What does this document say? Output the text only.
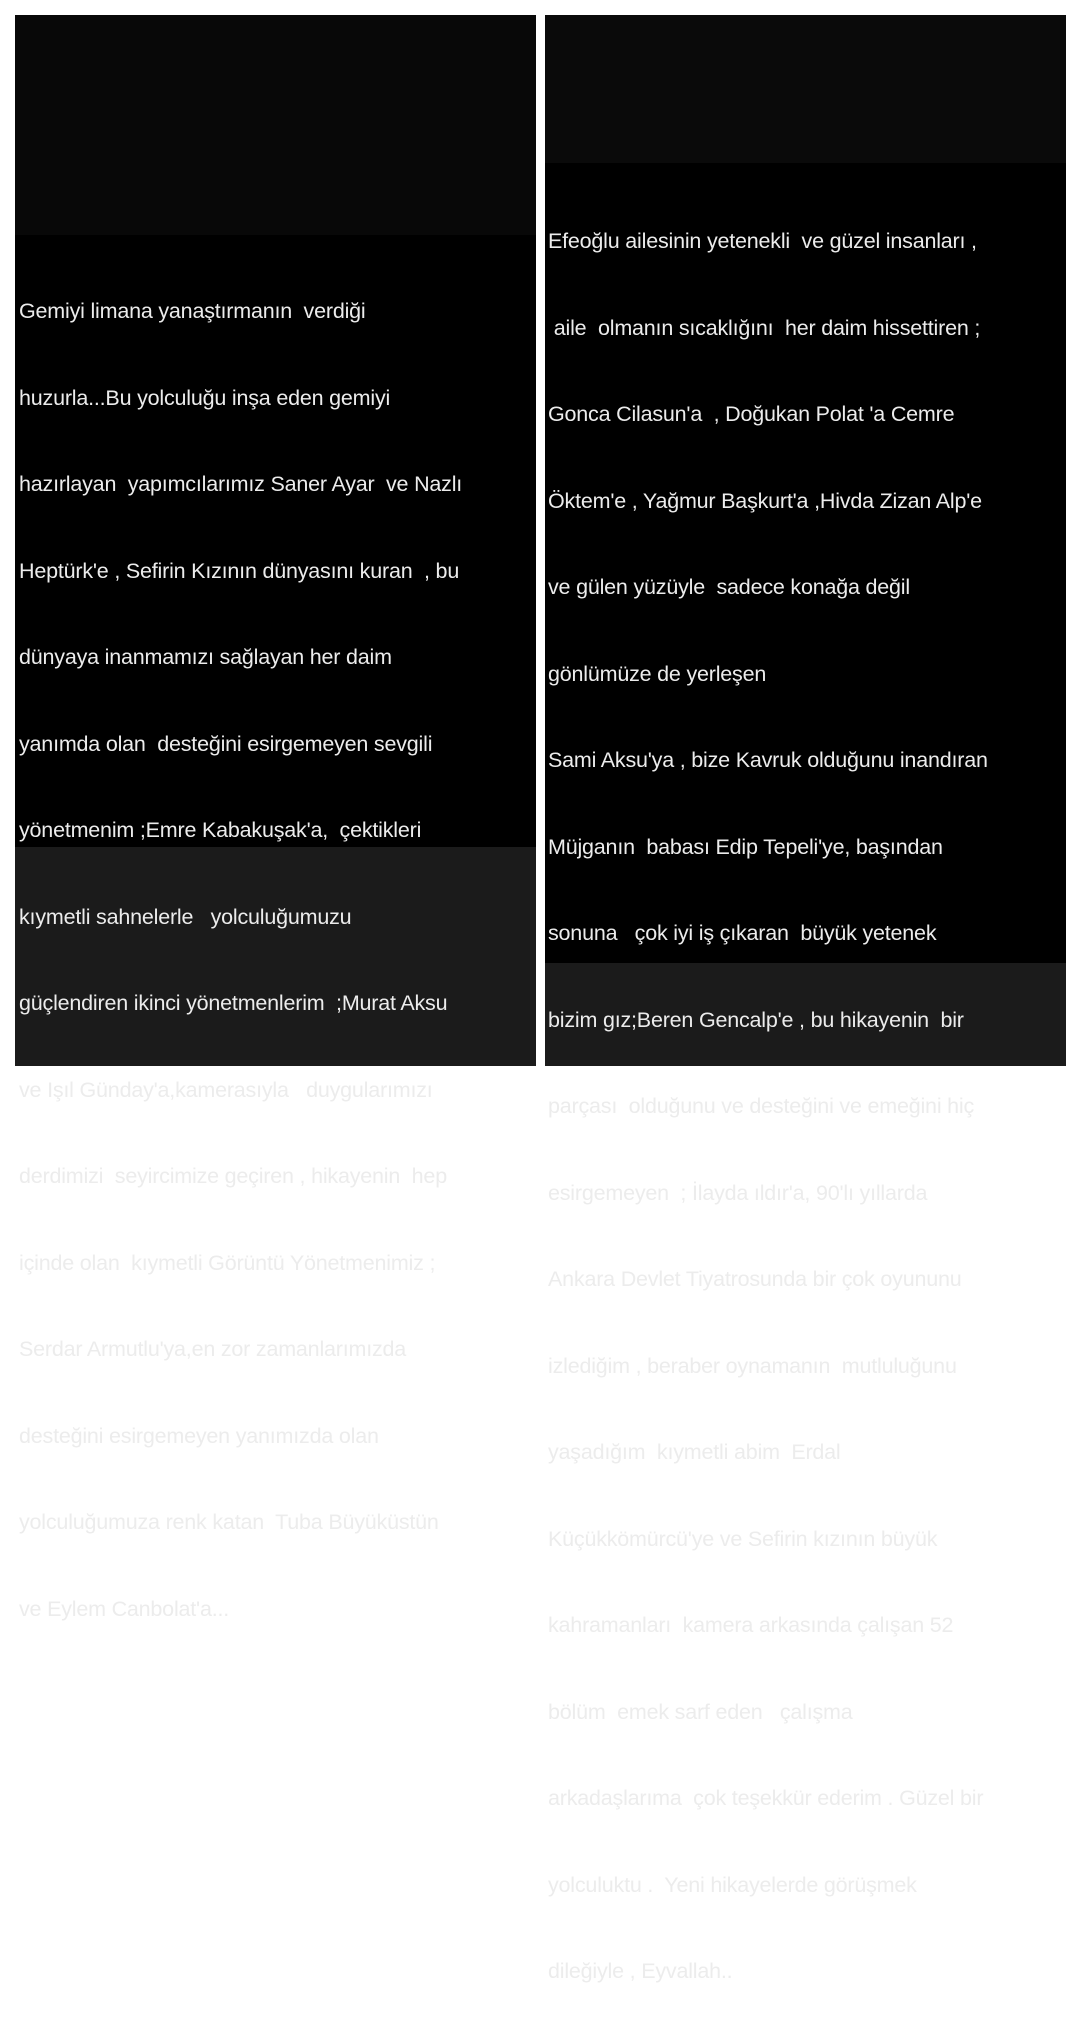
Gemiyi limana yanaştırmanın  verdiği

huzurla...Bu yolculuğu inşa eden gemiyi

hazırlayan  yapımcılarımız Saner Ayar  ve Nazlı

Heptürk'e , Sefirin Kızının dünyasını kuran  , bu

dünyaya inanmamızı sağlayan her daim

yanımda olan  desteğini esirgemeyen sevgili

yönetmenim ;Emre Kabakuşak'a,  çektikleri

kıymetli sahnelerle   yolculuğumuzu

güçlendiren ikinci yönetmenlerim  ;Murat Aksu

ve Işıl Günday'a,kamerasıyla   duygularımızı

derdimizi  seyircimize geçiren , hikayenin  hep

içinde olan  kıymetli Görüntü Yönetmenimiz ;

Serdar Armutlu'ya,en zor zamanlarımızda

desteğini esirgemeyen yanımızda olan

yolculuğumuza renk katan  Tuba Büyüküstün

ve Eylem Canbolat'a...

Efeoğlu ailesinin yetenekli  ve güzel insanları ,

aile  olmanın sıcaklığını  her daim hissettiren ;

Gonca Cilasun'a  , Doğukan Polat 'a Cemre

Öktem'e , Yağmur Başkurt'a ,Hivda Zizan Alp'e

ve gülen yüzüyle  sadece konağa değil

gönlümüze de yerleşen

Sami Aksu'ya , bize Kavruk olduğunu inandıran

Müjganın  babası Edip Tepeli'ye, başından

sonuna   çok iyi iş çıkaran  büyük yetenek

bizim gız;Beren Gencalp'e , bu hikayenin  bir

parçası  olduğunu ve desteğini ve emeğini hiç

esirgemeyen  ; İlayda ıldır'a, 90'lı yıllarda

Ankara Devlet Tiyatrosunda bir çok oyununu

izlediğim , beraber oynamanın  mutluluğunu

yaşadığım  kıymetli abim  Erdal

Küçükkömürcü'ye ve Sefirin kızının büyük

kahramanları  kamera arkasında çalışan 52

bölüm  emek sarf eden   çalışma

arkadaşlarıma  çok teşekkür ederim . Güzel bir

yolculuktu .  Yeni hikayelerde görüşmek

dileğiyle , Eyvallah..
